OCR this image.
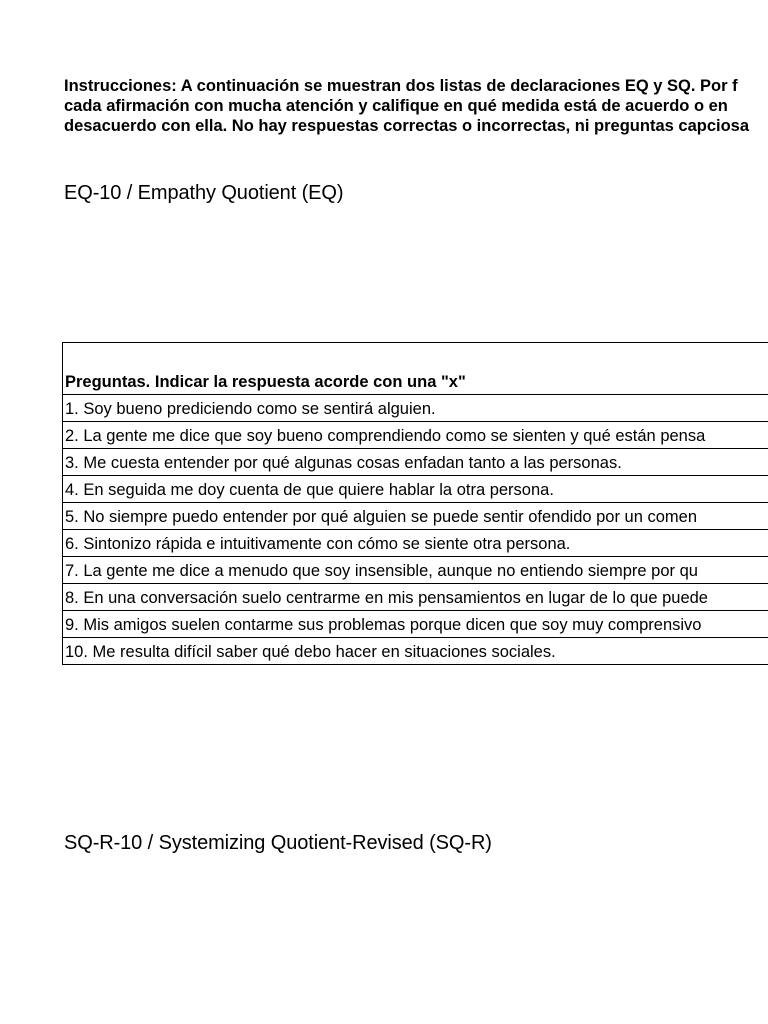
Instrucciones: A continuación se muestran dos listas de declaraciones EQ y SQ. Por f
cada afirmación con mucha atención y califique en qué medida está de acuerdo o en
desacuerdo con ella. No hay respuestas correctas o incorrectas, ni preguntas capciosa
EQ-10 / Empathy Quotient (EQ)
Preguntas. Indicar la respuesta acorde con una "x"
1. Soy bueno prediciendo como se sentirá alguien.
2. La gente me dice que soy bueno comprendiendo como se sienten y qué están pensa
3. Me cuesta entender por qué algunas cosas enfadan tanto a las personas.
4. En seguida me doy cuenta de que quiere hablar la otra persona.
5. No siempre puedo entender por qué alguien se puede sentir ofendido por un comen
6. Sintonizo rápida e intuitivamente con cómo se siente otra persona.
7. La gente me dice a menudo que soy insensible, aunque no entiendo siempre por qu
8. En una conversación suelo centrarme en mis pensamientos en lugar de lo que puede
9. Mis amigos suelen contarme sus problemas porque dicen que soy muy comprensivo
10. Me resulta difícil saber qué debo hacer en situaciones sociales.
SQ-R-10 / Systemizing Quotient-Revised (SQ-R)
